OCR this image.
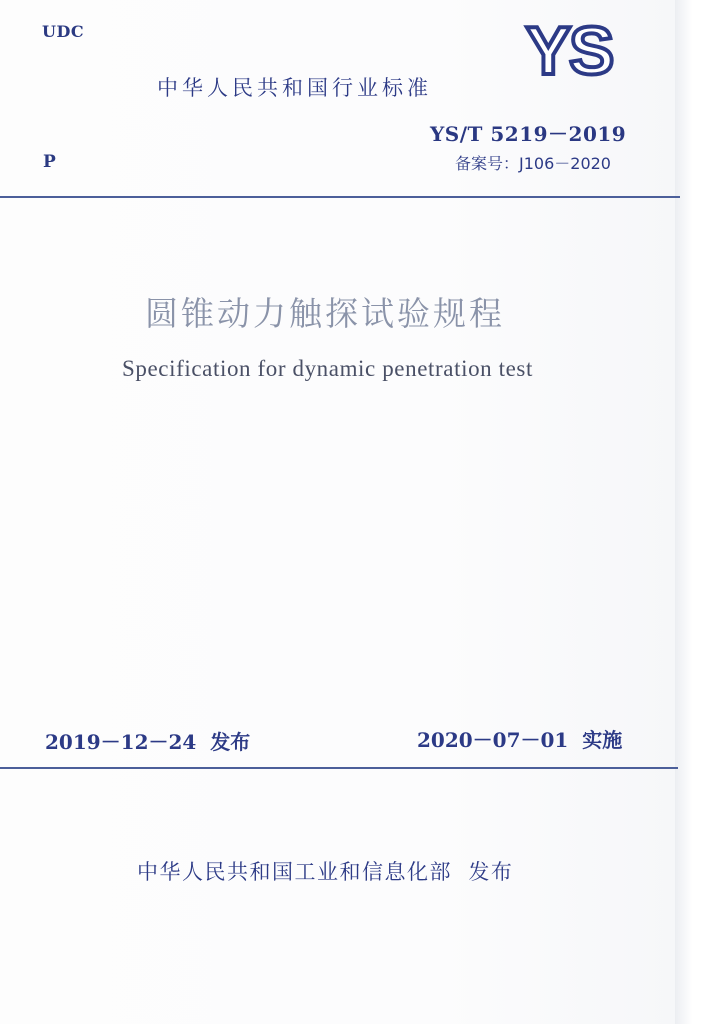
UDC	YS
中华人民共和国行业标准
YS/T 5219－2019
备案号：J106－2020
P
圆锥动力触探试验规程
Specification for dynamic penetration test
2019－12－24  发布	2020－07－01  实施
中华人民共和国工业和信息化部  发布
